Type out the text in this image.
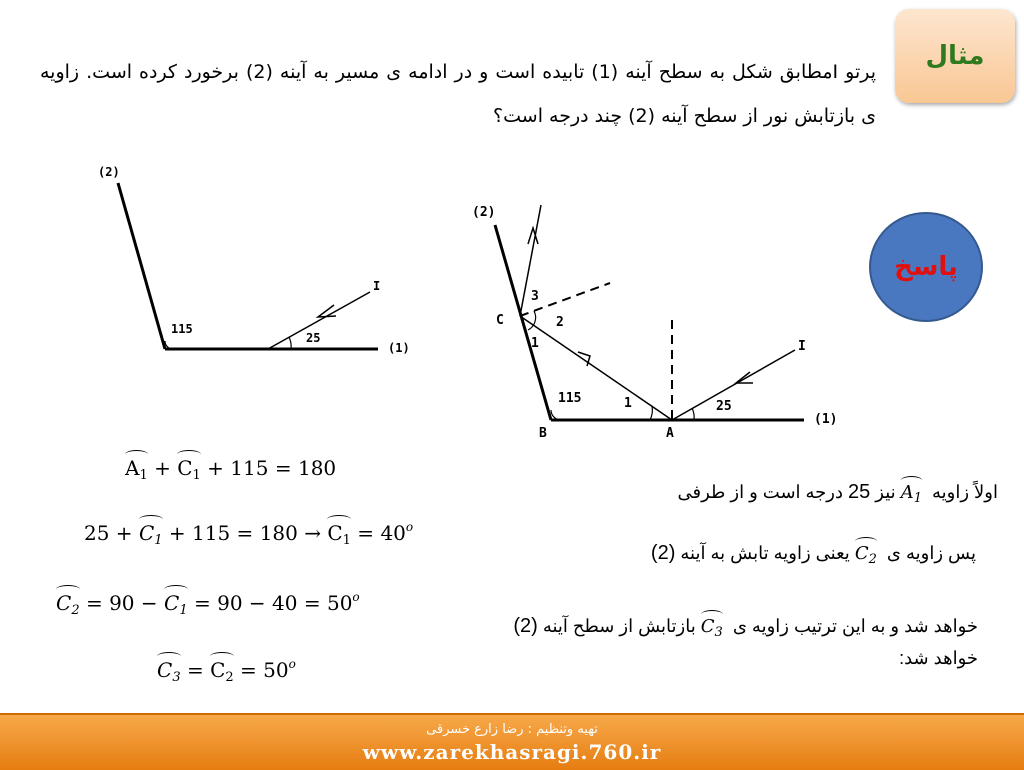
مثال
پرتو Iمطابق شکل به سطح آینه (1) تابیده است و در ادامه ی مسیر به آینه (2) برخورد کرده است. زاویه ی بازتابش نور از سطح آینه (2) چند درجه است؟
پاسخ
(2)
115
25
I
(1)
(2)
3
C	2
1
115	1	25
I
(1)
B	A
$A_1 + C_1 + 115 = 180$
$25 + C_1 + 115 = 180 \to C_1 = 40^o$
$C_2 = 90 - C_1 = 90 - 40 = 50^o$
$C_3 = C_2 = 50^o$
اولاً زاویه  $A_1$ نیز 25 درجه است و از طرفی
پس زاویه ی  $C_2$ یعنی زاویه تابش به آینه (2)
خواهد شد و به این ترتیب زاویه ی  $C_3$ بازتابش از سطح آینه (2)
خواهد شد:
تهیه وتنظیم : رضا زارع خسرقی
www.zarekhasragi.760.ir
